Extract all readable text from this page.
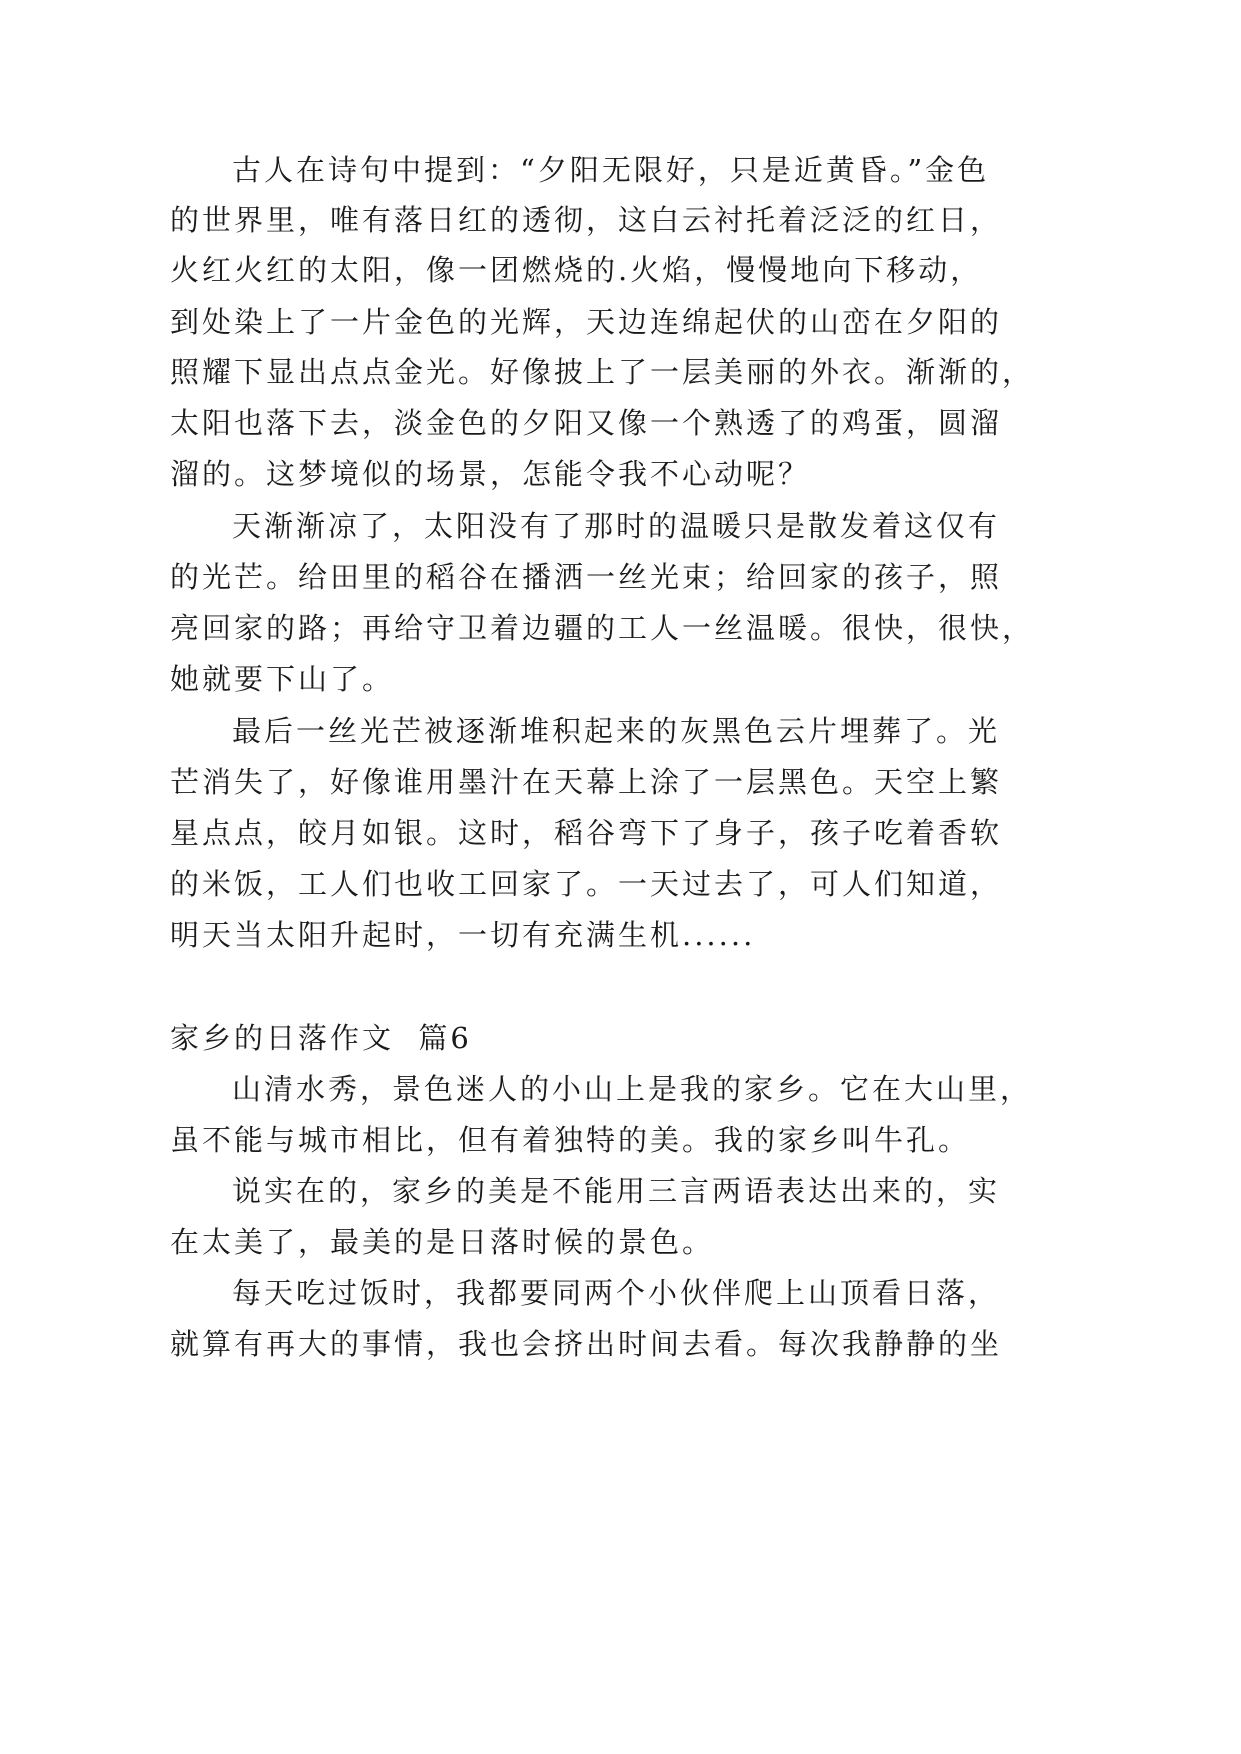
古人在诗句中提到：“夕阳无限好，只是近黄昏。”金色
的世界里，唯有落日红的透彻，这白云衬托着泛泛的红日，
火红火红的太阳，像一团燃烧的.火焰，慢慢地向下移动，
到处染上了一片金色的光辉，天边连绵起伏的山峦在夕阳的
照耀下显出点点金光。好像披上了一层美丽的外衣。渐渐的，
太阳也落下去，淡金色的夕阳又像一个熟透了的鸡蛋，圆溜
溜的。这梦境似的场景，怎能令我不心动呢？
天渐渐凉了，太阳没有了那时的温暖只是散发着这仅有
的光芒。给田里的稻谷在播洒一丝光束；给回家的孩子，照
亮回家的路；再给守卫着边疆的工人一丝温暖。很快，很快，
她就要下山了。
最后一丝光芒被逐渐堆积起来的灰黑色云片埋葬了。光
芒消失了，好像谁用墨汁在天幕上涂了一层黑色。天空上繁
星点点，皎月如银。这时，稻谷弯下了身子，孩子吃着香软
的米饭，工人们也收工回家了。一天过去了，可人们知道，
明天当太阳升起时，一切有充满生机......
家乡的日落作文  篇6
山清水秀，景色迷人的小山上是我的家乡。它在大山里，
虽不能与城市相比，但有着独特的美。我的家乡叫牛孔。
说实在的，家乡的美是不能用三言两语表达出来的，实
在太美了，最美的是日落时候的景色。
每天吃过饭时，我都要同两个小伙伴爬上山顶看日落，
就算有再大的事情，我也会挤出时间去看。每次我静静的坐
